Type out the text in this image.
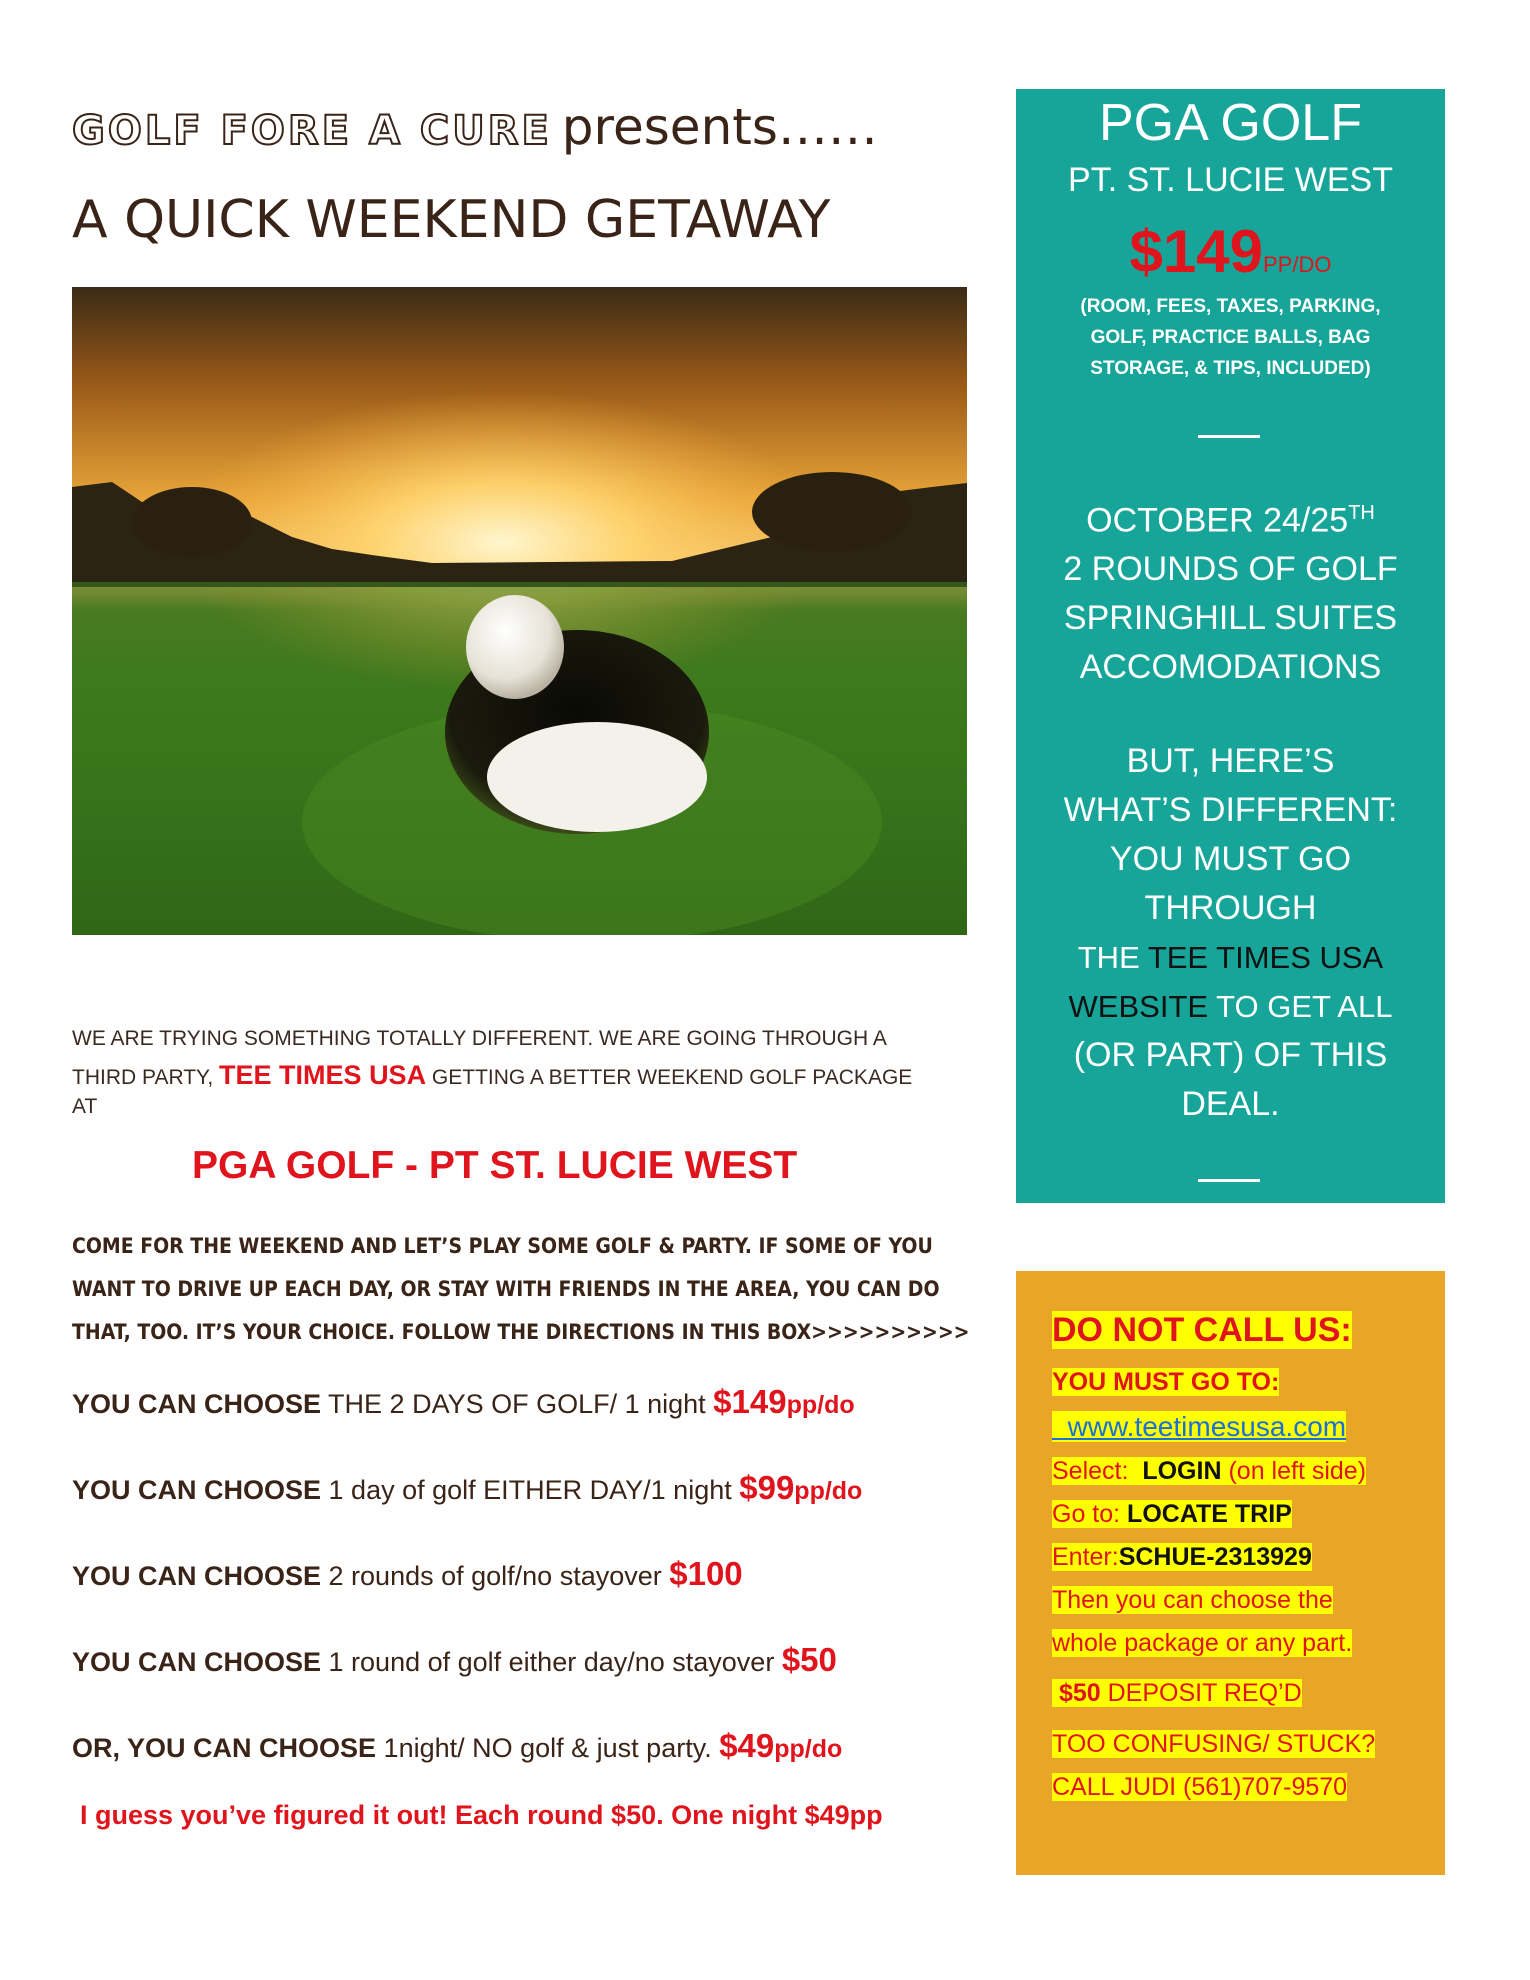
GOLF FORE A CURE presents……
A QUICK WEEKEND GETAWAY
WE ARE TRYING SOMETHING TOTALLY DIFFERENT. WE ARE GOING THROUGH A
THIRD PARTY, TEE TIMES USA GETTING A BETTER WEEKEND GOLF PACKAGE
AT
PGA GOLF - PT ST. LUCIE WEST
COME FOR THE WEEKEND AND LET’S PLAY SOME GOLF & PARTY. IF SOME OF YOU
WANT TO DRIVE UP EACH DAY, OR STAY WITH FRIENDS IN THE AREA, YOU CAN DO
THAT, TOO. IT’S YOUR CHOICE. FOLLOW THE DIRECTIONS IN THIS BOX>>>>>>>>>>
YOU CAN CHOOSE THE 2 DAYS OF GOLF/ 1 night $149pp/do
YOU CAN CHOOSE 1 day of golf EITHER DAY/1 night $99pp/do
YOU CAN CHOOSE 2 rounds of golf/no stayover $100
YOU CAN CHOOSE 1 round of golf either day/no stayover $50
OR, YOU CAN CHOOSE 1night/ NO golf & just party. $49pp/do
I guess you’ve figured it out! Each round $50. One night $49pp
PGA GOLF
PT. ST. LUCIE WEST
$149PP/DO
(ROOM, FEES, TAXES, PARKING,
GOLF, PRACTICE BALLS, BAG
STORAGE, & TIPS, INCLUDED)
OCTOBER 24/25TH
2 ROUNDS OF GOLF
SPRINGHILL SUITES
ACCOMODATIONS
BUT, HERE’S
WHAT’S DIFFERENT:
YOU MUST GO
THROUGH
THE TEE TIMES USA
WEBSITE TO GET ALL
(OR PART) OF THIS
DEAL.
DO NOT CALL US:
YOU MUST GO TO:
www.teetimesusa.com
Select: LOGIN (on left side)
Go to: LOCATE TRIP
Enter:SCHUE-2313929
Then you can choose the
whole package or any part.
$50 DEPOSIT REQ’D
TOO CONFUSING/ STUCK?
CALL JUDI (561)707-9570
